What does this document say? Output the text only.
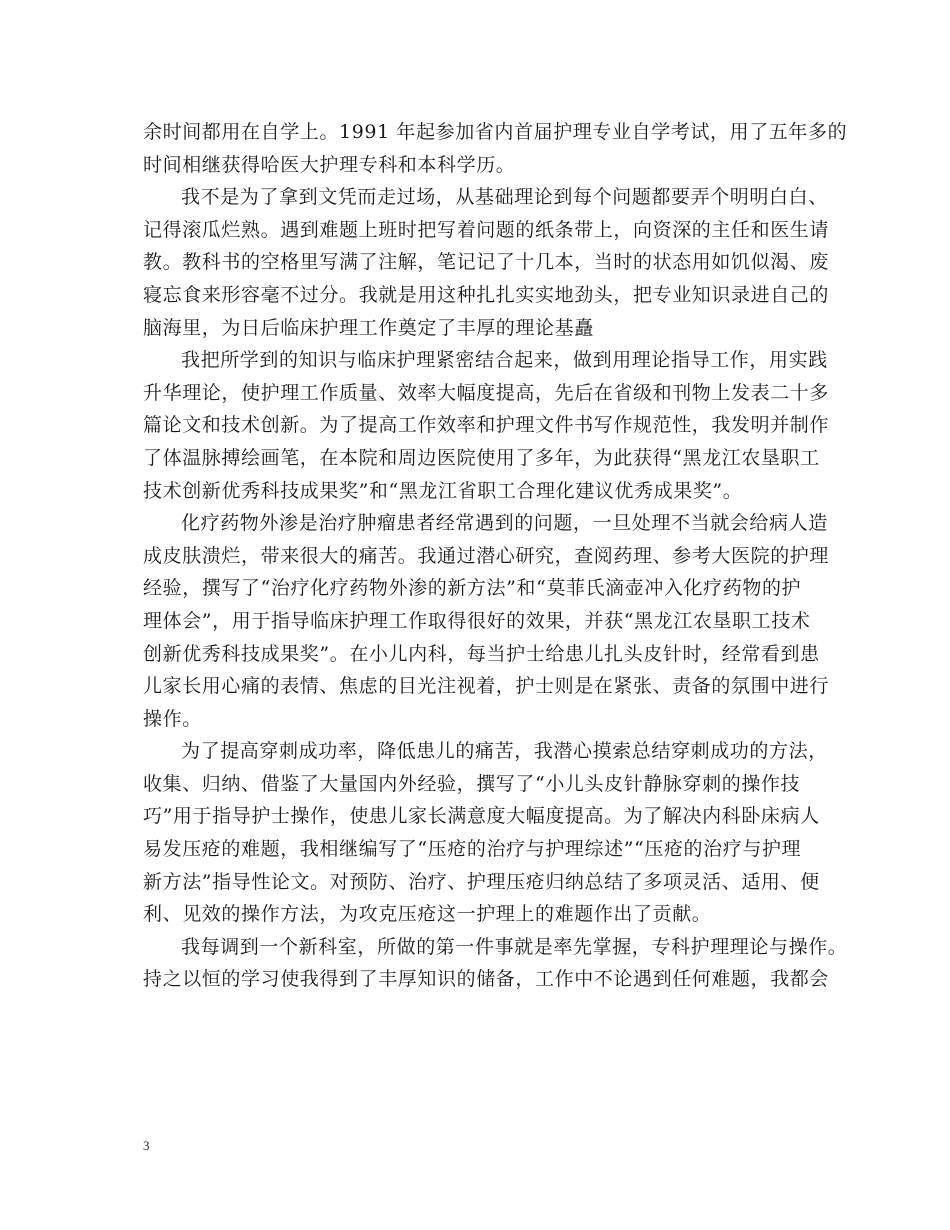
余时间都用在自学上。1991 年起参加省内首届护理专业自学考试，用了五年多的
时间相继获得哈医大护理专科和本科学历。
我不是为了拿到文凭而走过场，从基础理论到每个问题都要弄个明明白白、
记得滚瓜烂熟。遇到难题上班时把写着问题的纸条带上，向资深的主任和医生请
教。教科书的空格里写满了注解，笔记记了十几本，当时的状态用如饥似渴、废
寝忘食来形容毫不过分。我就是用这种扎扎实实地劲头，把专业知识录进自己的
脑海里，为日后临床护理工作奠定了丰厚的理论基矗
我把所学到的知识与临床护理紧密结合起来，做到用理论指导工作，用实践
升华理论，使护理工作质量、效率大幅度提高，先后在省级和刊物上发表二十多
篇论文和技术创新。为了提高工作效率和护理文件书写作规范性，我发明并制作
了体温脉搏绘画笔，在本院和周边医院使用了多年，为此获得“黑龙江农垦职工
技术创新优秀科技成果奖”和“黑龙江省职工合理化建议优秀成果奖”。
化疗药物外渗是治疗肿瘤患者经常遇到的问题，一旦处理不当就会给病人造
成皮肤溃烂，带来很大的痛苦。我通过潜心研究，查阅药理、参考大医院的护理
经验，撰写了“治疗化疗药物外渗的新方法”和“莫菲氏滴壶冲入化疗药物的护
理体会”，用于指导临床护理工作取得很好的效果，并获“黑龙江农垦职工技术
创新优秀科技成果奖”。在小儿内科，每当护士给患儿扎头皮针时，经常看到患
儿家长用心痛的表情、焦虑的目光注视着，护士则是在紧张、责备的氛围中进行
操作。
为了提高穿刺成功率，降低患儿的痛苦，我潜心摸索总结穿刺成功的方法，
收集、归纳、借鉴了大量国内外经验，撰写了“小儿头皮针静脉穿刺的操作技
巧”用于指导护士操作，使患儿家长满意度大幅度提高。为了解决内科卧床病人
易发压疮的难题，我相继编写了“压疮的治疗与护理综述”“压疮的治疗与护理
新方法”指导性论文。对预防、治疗、护理压疮归纳总结了多项灵活、适用、便
利、见效的操作方法，为攻克压疮这一护理上的难题作出了贡献。
我每调到一个新科室，所做的第一件事就是率先掌握，专科护理理论与操作。
持之以恒的学习使我得到了丰厚知识的储备，工作中不论遇到任何难题，我都会
3
